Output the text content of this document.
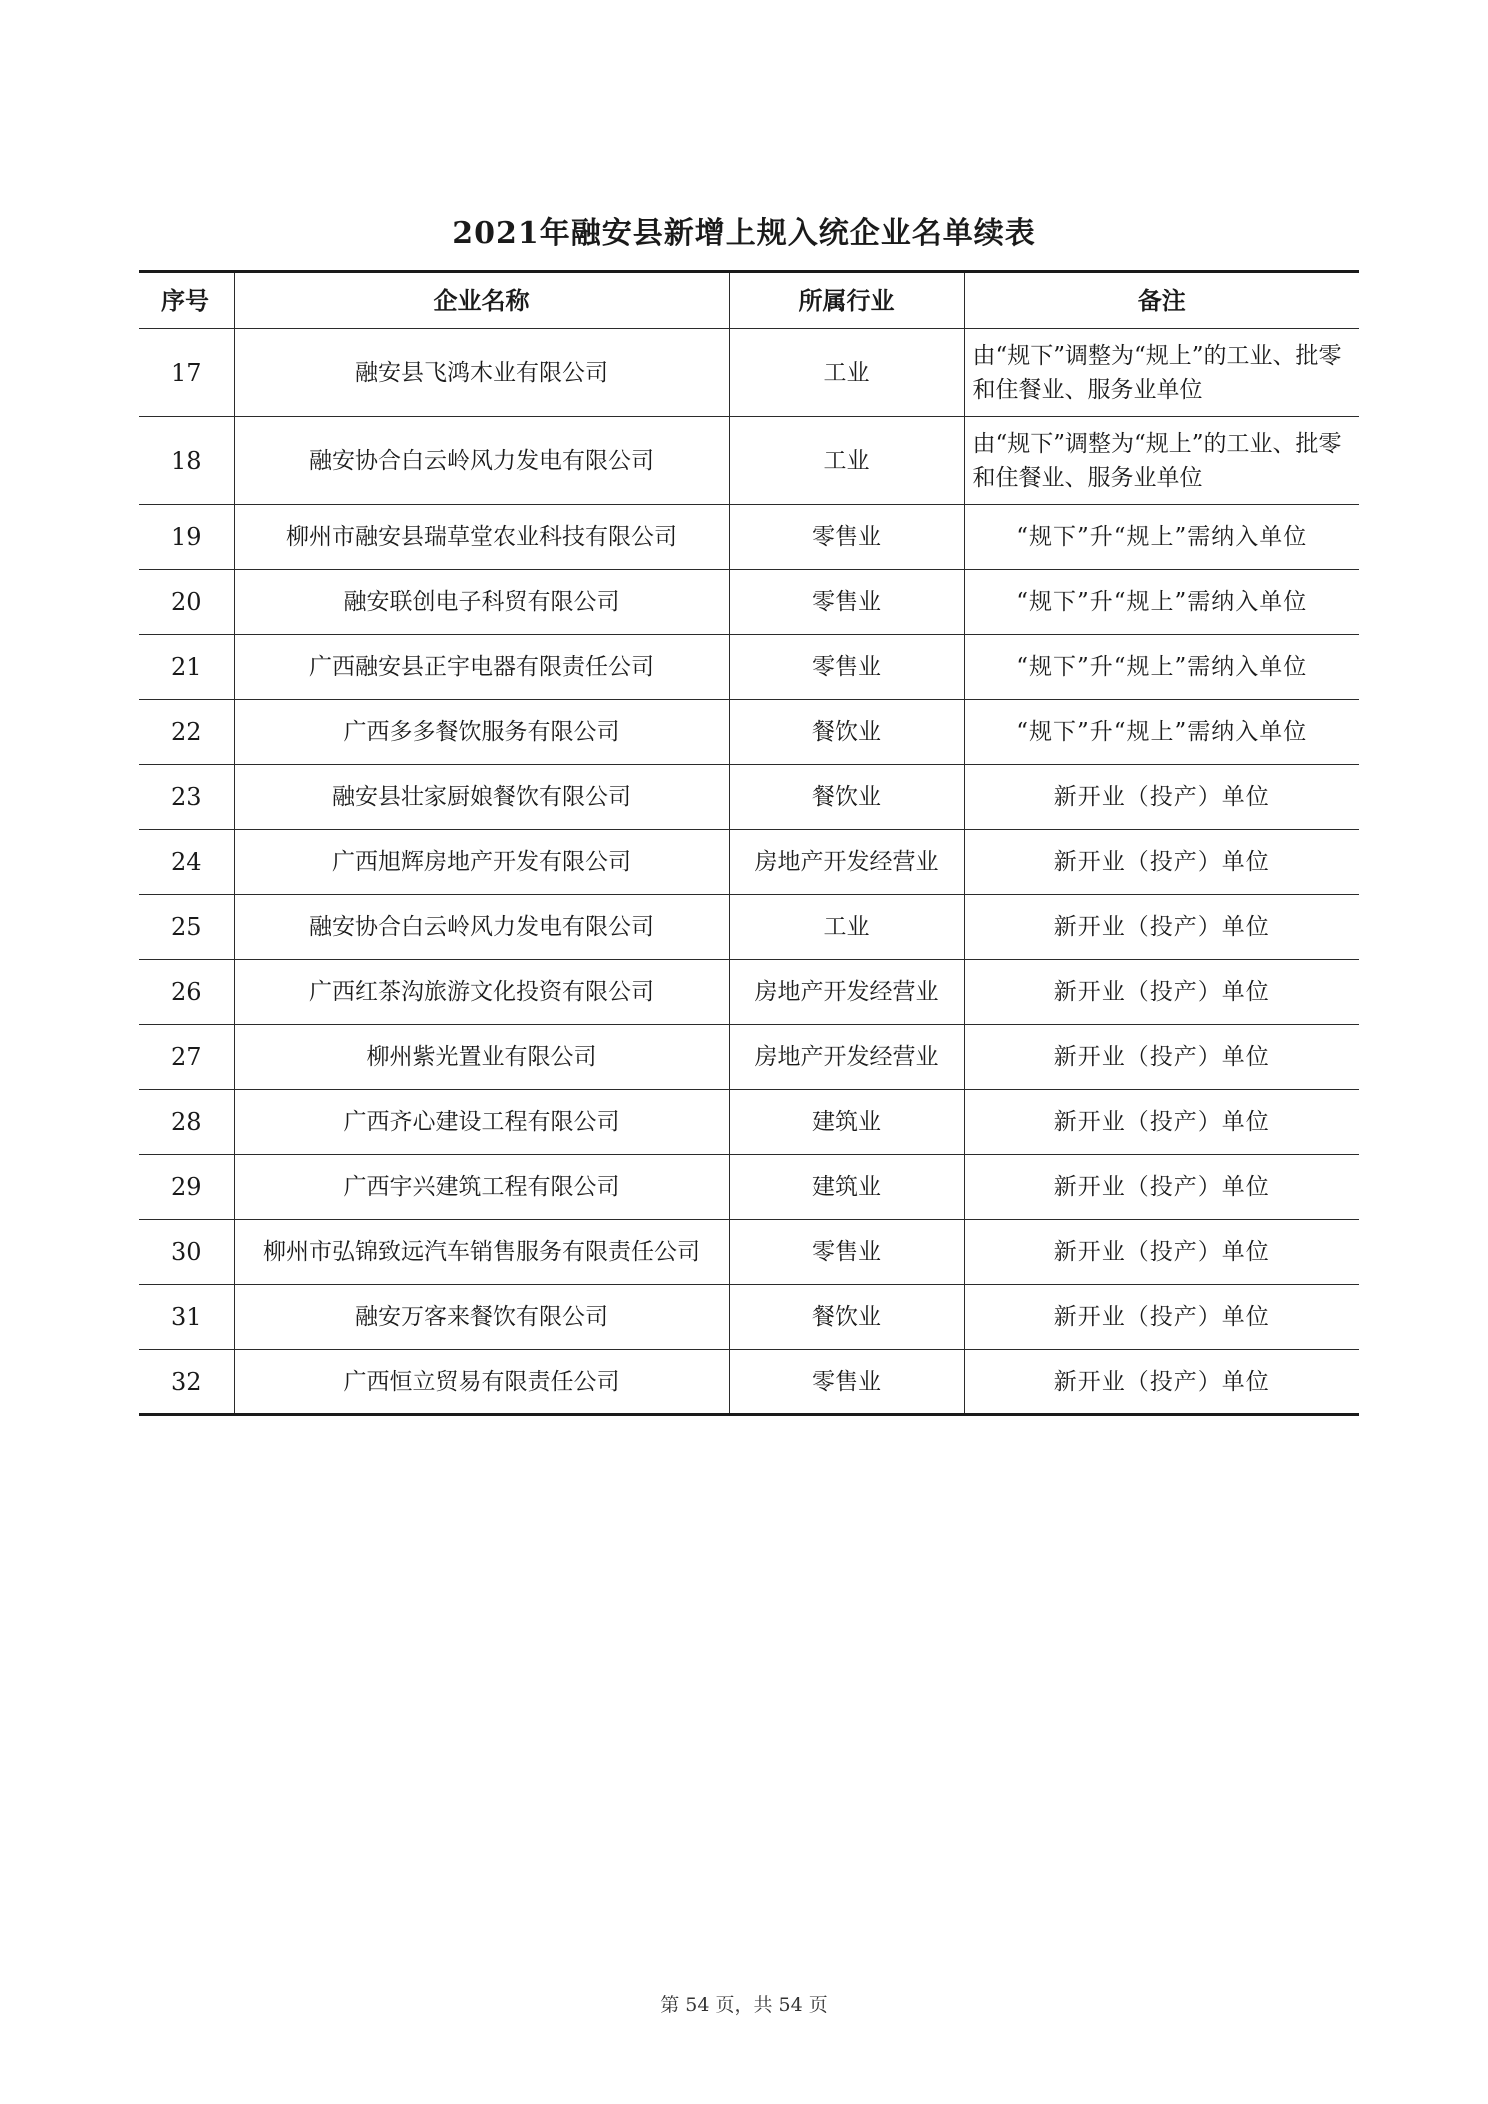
2021年融安县新增上规入统企业名单续表
序号	企业名称	所属行业	备注
17	融安县飞鸿木业有限公司	工业	由“规下”调整为“规上”的工业、批零和住餐业、服务业单位
18	融安协合白云岭风力发电有限公司	工业	由“规下”调整为“规上”的工业、批零和住餐业、服务业单位
19	柳州市融安县瑞草堂农业科技有限公司	零售业	“规下”升“规上”需纳入单位
20	融安联创电子科贸有限公司	零售业	“规下”升“规上”需纳入单位
21	广西融安县正宇电器有限责任公司	零售业	“规下”升“规上”需纳入单位
22	广西多多餐饮服务有限公司	餐饮业	“规下”升“规上”需纳入单位
23	融安县壮家厨娘餐饮有限公司	餐饮业	新开业（投产）单位
24	广西旭辉房地产开发有限公司	房地产开发经营业	新开业（投产）单位
25	融安协合白云岭风力发电有限公司	工业	新开业（投产）单位
26	广西红茶沟旅游文化投资有限公司	房地产开发经营业	新开业（投产）单位
27	柳州紫光置业有限公司	房地产开发经营业	新开业（投产）单位
28	广西齐心建设工程有限公司	建筑业	新开业（投产）单位
29	广西宇兴建筑工程有限公司	建筑业	新开业（投产）单位
30	柳州市弘锦致远汽车销售服务有限责任公司	零售业	新开业（投产）单位
31	融安万客来餐饮有限公司	餐饮业	新开业（投产）单位
32	广西恒立贸易有限责任公司	零售业	新开业（投产）单位
第 54 页，共 54 页
